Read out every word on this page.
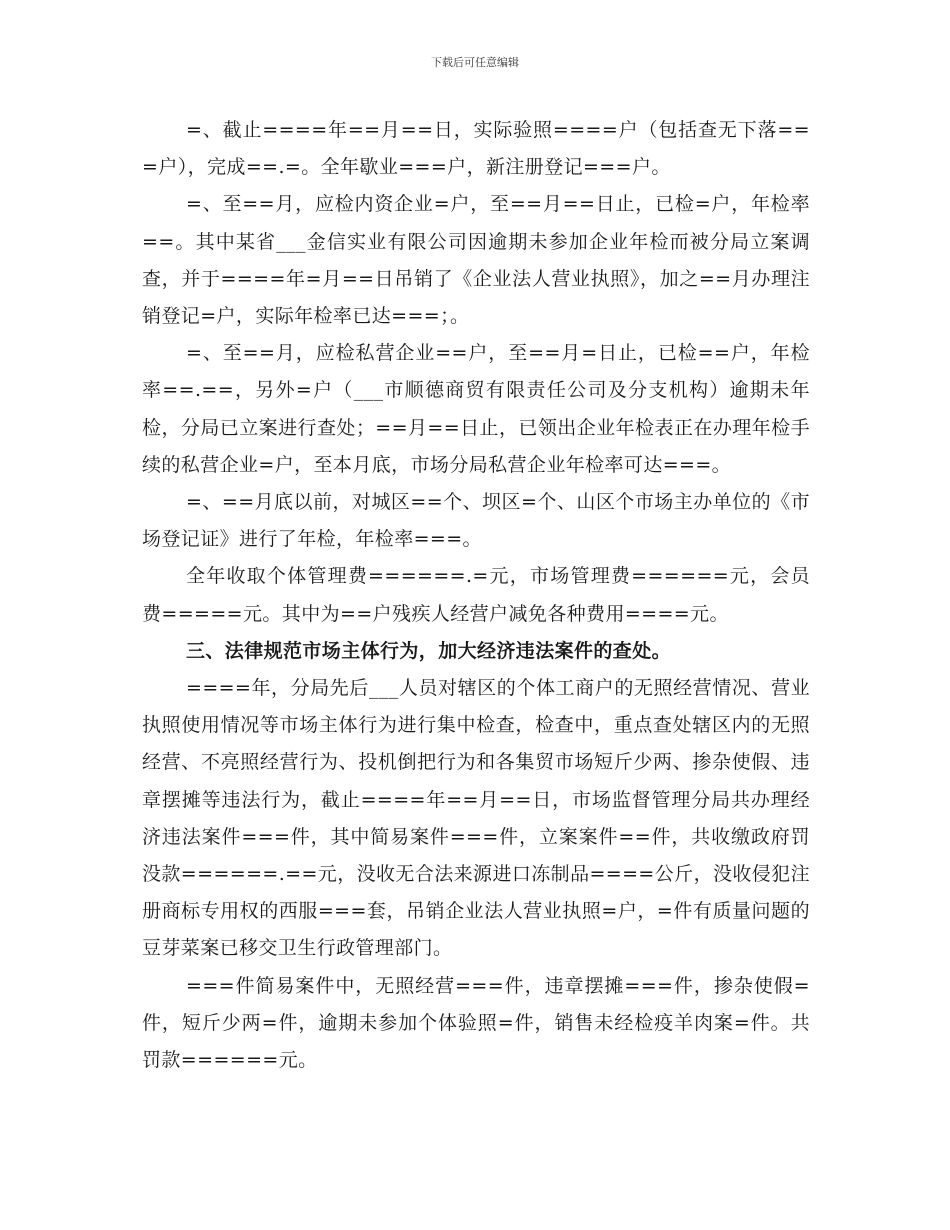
下载后可任意编辑

=、截止====年==月==日，实际验照====户（包括查无下落===户），完成==.=。全年歇业===户，新注册登记===户。

=、至==月，应检内资企业=户，至==月==日止，已检=户，年检率==。其中某省___金信实业有限公司因逾期未参加企业年检而被分局立案调查，并于====年=月==日吊销了《企业法人营业执照》，加之==月办理注销登记=户，实际年检率已达===；。

=、至==月，应检私营企业==户，至==月=日止，已检==户，年检率==.==，另外=户（___市顺德商贸有限责任公司及分支机构）逾期未年检，分局已立案进行查处；==月==日止，已领出企业年检表正在办理年检手续的私营企业=户，至本月底，市场分局私营企业年检率可达===。

=、==月底以前，对城区==个、坝区=个、山区个市场主办单位的《市场登记证》进行了年检，年检率===。

全年收取个体管理费======.=元，市场管理费======元，会员费=====元。其中为==户残疾人经营户减免各种费用====元。

三、法律规范市场主体行为，加大经济违法案件的查处。

====年，分局先后___人员对辖区的个体工商户的无照经营情况、营业执照使用情况等市场主体行为进行集中检查，检查中，重点查处辖区内的无照经营、不亮照经营行为、投机倒把行为和各集贸市场短斤少两、掺杂使假、违章摆摊等违法行为，截止====年==月==日，市场监督管理分局共办理经济违法案件===件，其中简易案件===件，立案案件==件，共收缴政府罚没款======.==元，没收无合法来源进口冻制品====公斤，没收侵犯注册商标专用权的西服===套，吊销企业法人营业执照=户，=件有质量问题的豆芽菜案已移交卫生行政管理部门。

===件简易案件中，无照经营===件，违章摆摊===件，掺杂使假=件，短斤少两=件，逾期未参加个体验照=件，销售未经检疫羊肉案=件。共罚款======元。
